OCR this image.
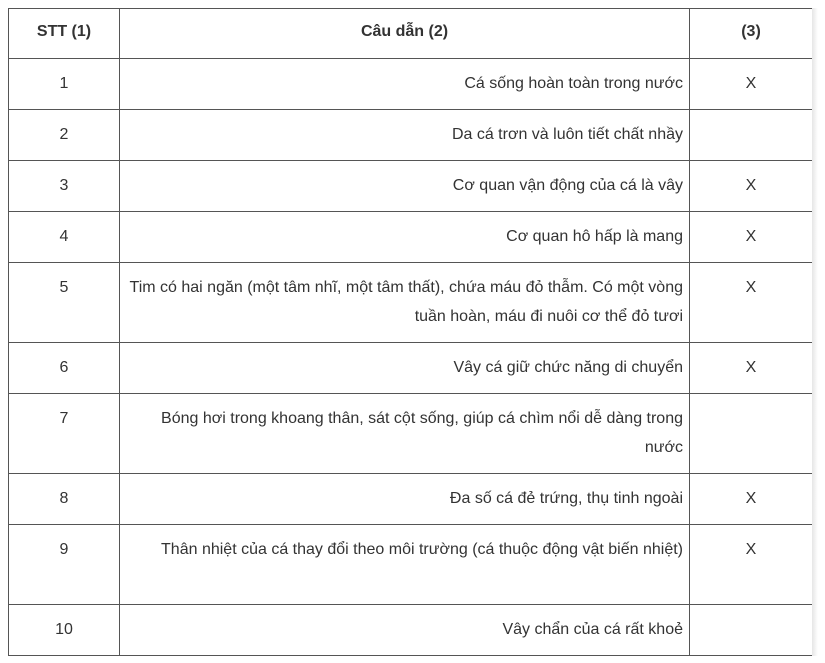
STT (1)	Câu dẫn (2)	(3)
1	Cá sống hoàn toàn trong nước	X
2	Da cá trơn và luôn tiết chất nhầy	
3	Cơ quan vận động của cá là vây	X
4	Cơ quan hô hấp là mang	X
5	Tim có hai ngăn (một tâm nhĩ, một tâm thất), chứa máu đỏ thẫm. Có một vòng tuần hoàn, máu đi nuôi cơ thể đỏ tươi	X
6	Vây cá giữ chức năng di chuyển	X
7	Bóng hơi trong khoang thân, sát cột sống, giúp cá chìm nổi dễ dàng trong nước	
8	Đa số cá đẻ trứng, thụ tinh ngoài	X
9	Thân nhiệt của cá thay đổi theo môi trường (cá thuộc động vật biến nhiệt)	X
10	Vây chẩn của cá rất khoẻ	
